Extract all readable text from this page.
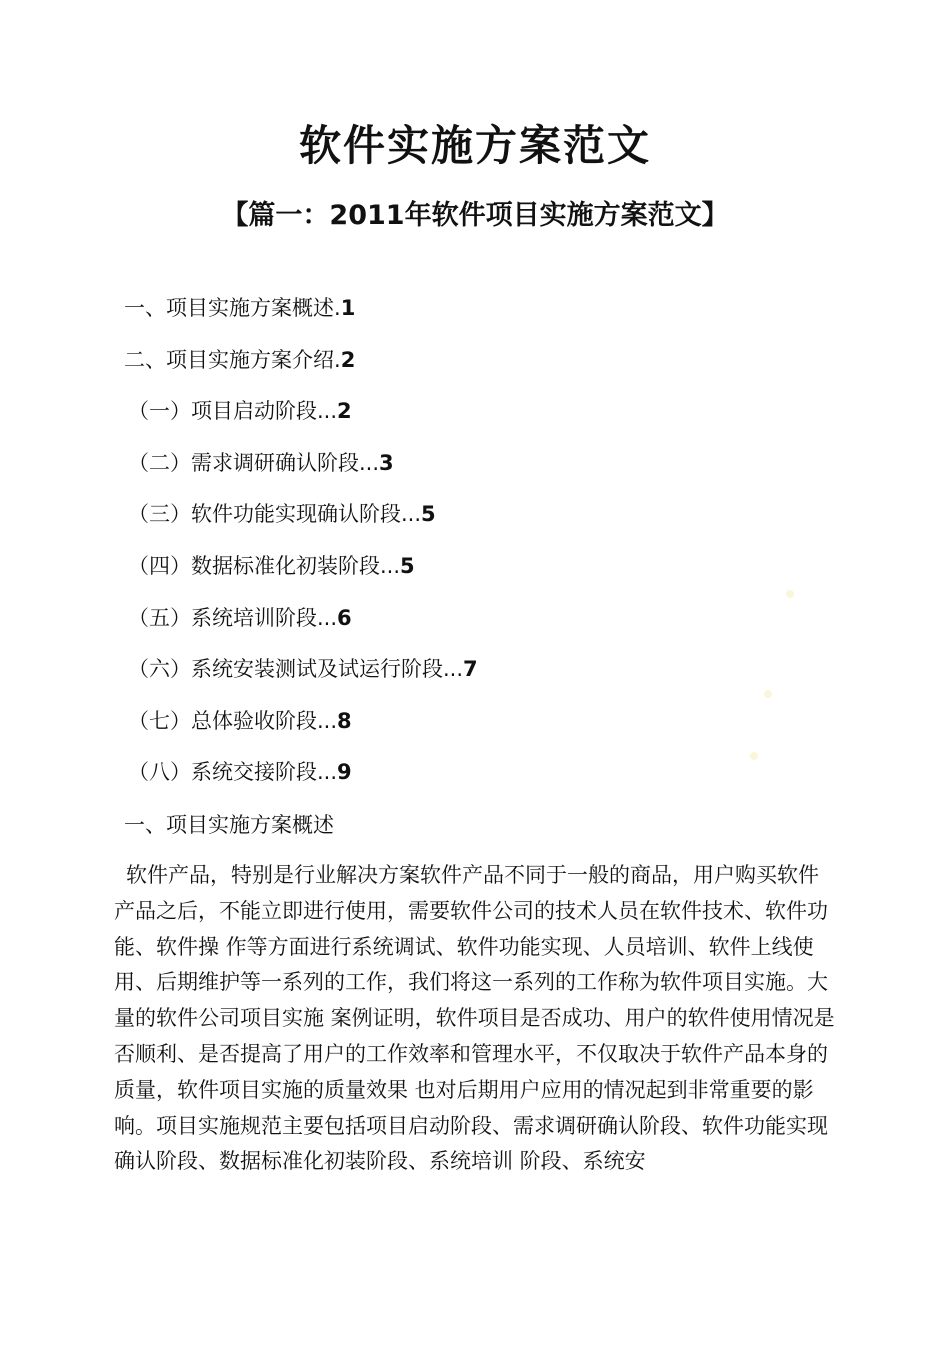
软件实施方案范文
【篇一：2011年软件项目实施方案范文】
一、项目实施方案概述.1
二、项目实施方案介绍.2
（一）项目启动阶段...2
（二）需求调研确认阶段...3
（三）软件功能实现确认阶段...5
（四）数据标准化初装阶段...5
（五）系统培训阶段...6
（六）系统安装测试及试运行阶段...7
（七）总体验收阶段...8
（八）系统交接阶段...9
一、项目实施方案概述

软件产品，特别是行业解决方案软件产品不同于一般的商品，用户购买软件产品之后，不能立即进行使用，需要软件公司的技术人员在软件技术、软件功能、软件操 作等方面进行系统调试、软件功能实现、人员培训、软件上线使用、后期维护等一系列的工作，我们将这一系列的工作称为软件项目实施。大量的软件公司项目实施 案例证明，软件项目是否成功、用户的软件使用情况是否顺利、是否提高了用户的工作效率和管理水平，不仅取决于软件产品本身的质量，软件项目实施的质量效果 也对后期用户应用的情况起到非常重要的影响。项目实施规范主要包括项目启动阶段、需求调研确认阶段、软件功能实现确认阶段、数据标准化初装阶段、系统培训 阶段、系统安
